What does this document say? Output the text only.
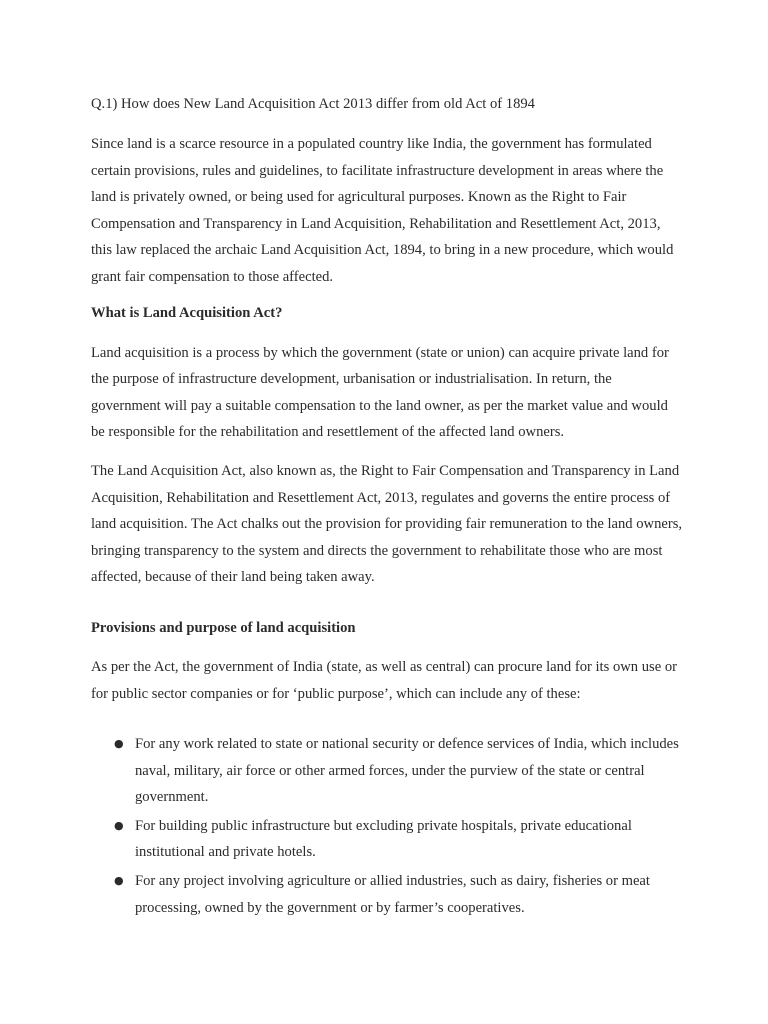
Q.1) How does New Land Acquisition Act 2013 differ from old Act of 1894

Since land is a scarce resource in a populated country like India, the government has formulated certain provisions, rules and guidelines, to facilitate infrastructure development in areas where the land is privately owned, or being used for agricultural purposes. Known as the Right to Fair Compensation and Transparency in Land Acquisition, Rehabilitation and Resettlement Act, 2013, this law replaced the archaic Land Acquisition Act, 1894, to bring in a new procedure, which would grant fair compensation to those affected.

What is Land Acquisition Act?

Land acquisition is a process by which the government (state or union) can acquire private land for the purpose of infrastructure development, urbanisation or industrialisation. In return, the government will pay a suitable compensation to the land owner, as per the market value and would be responsible for the rehabilitation and resettlement of the affected land owners.

The Land Acquisition Act, also known as, the Right to Fair Compensation and Transparency in Land Acquisition, Rehabilitation and Resettlement Act, 2013, regulates and governs the entire process of land acquisition. The Act chalks out the provision for providing fair remuneration to the land owners, bringing transparency to the system and directs the government to rehabilitate those who are most affected, because of their land being taken away.

Provisions and purpose of land acquisition

As per the Act, the government of India (state, as well as central) can procure land for its own use or for public sector companies or for ‘public purpose’, which can include any of these:

● For any work related to state or national security or defence services of India, which includes naval, military, air force or other armed forces, under the purview of the state or central government.
● For building public infrastructure but excluding private hospitals, private educational institutional and private hotels.
● For any project involving agriculture or allied industries, such as dairy, fisheries or meat processing, owned by the government or by farmer’s cooperatives.
